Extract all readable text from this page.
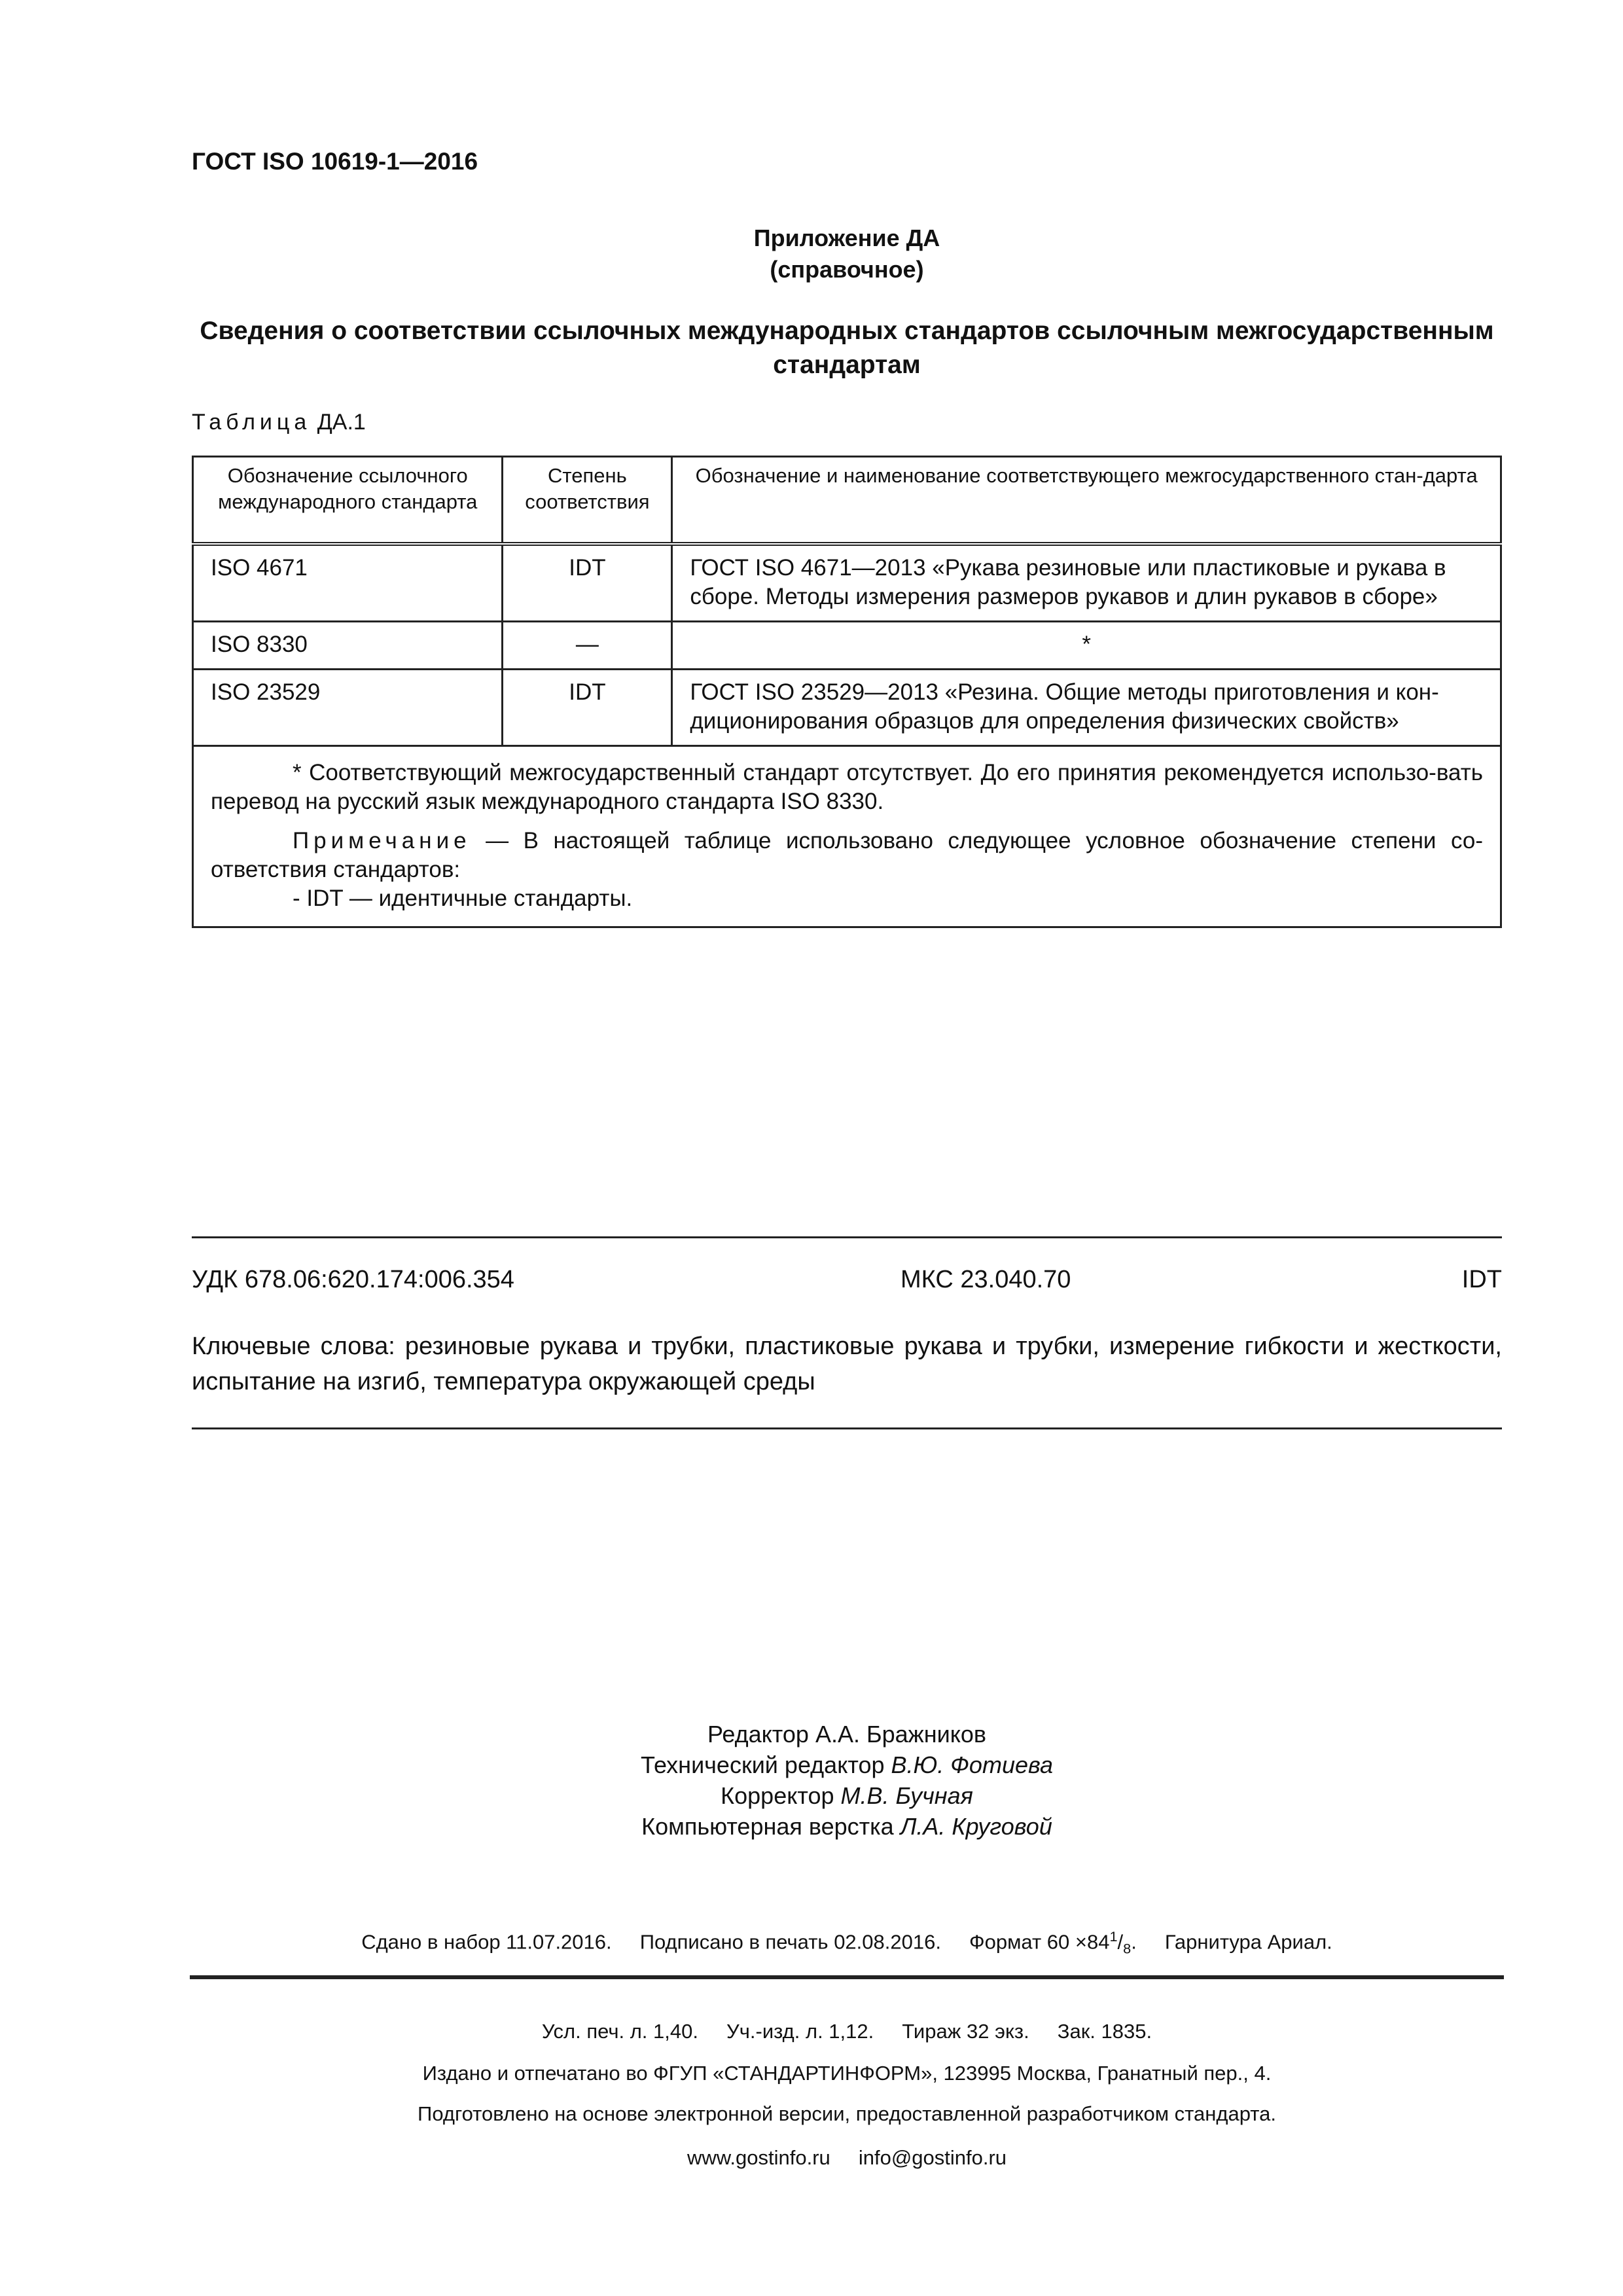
ГОСТ ISO 10619-1—2016
Приложение ДА
(справочное)
Сведения о соответствии ссылочных международных стандартов ссылочным межгосударственным стандартам
Таблица ДА.1
Обозначение ссылочного международного стандарта	Степень соответствия	Обозначение и наименование соответствующего межгосударственного стан-дарта
ISO 4671	IDT	ГОСТ ISO 4671—2013 «Рукава резиновые или пластиковые и рукава в сборе. Методы измерения размеров рукавов и длин рукавов в сборе»
ISO 8330	—	*
ISO 23529	IDT	ГОСТ ISO 23529—2013 «Резина. Общие методы приготовления и кон-диционирования образцов для определения физических свойств»

* Соответствующий межгосударственный стандарт отсутствует. До его принятия рекомендуется использо-вать перевод на русский язык международного стандарта ISO 8330.

Примечание — В настоящей таблице использовано следующее условное обозначение степени со-ответствия стандартов:

- IDT — идентичные стандарты.		

УДК 678.06:620.174:006.354	МКС 23.040.70	IDT
Ключевые слова: резиновые рукава и трубки, пластиковые рукава и трубки, измерение гибкости и жесткости, испытание на изгиб, температура окружающей среды
Редактор А.А. Бражников
Технический редактор В.Ю. Фотиева
Корректор М.В. Бучная
Компьютерная верстка Л.А. Круговой

Сдано в набор 11.07.2016.     Подписано в печать 02.08.2016.     Формат $60 \times 84^1/_8$.     Гарнитура Ариал.

Усл. печ. л. 1,40.     Уч.-изд. л. 1,12.     Тираж 32 экз.     Зак. 1835.

Подготовлено на основе электронной версии, предоставленной разработчиком стандарта.

Издано и отпечатано во ФГУП «СТАНДАРТИНФОРМ», 123995 Москва, Гранатный пер., 4.

www.gostinfo.ru     info@gostinfo.ru
